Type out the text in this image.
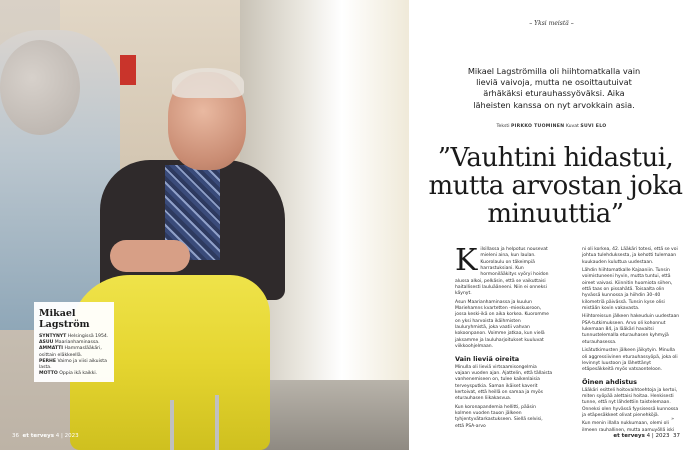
Mikael
Lagström
SYNTYNYT Helsingissä 1954.
ASUU Maarianhaminassa.
AMMATTI Hammaslääkäri, osittain eläkkeellä.
PERHE Vaimo ja viisi aikuista lasta.
MOTTO Oppia ikä kaikki.
36 et terveys 4 | 2023
– Yksi meistä –
Mikael Lagströmilla oli hiihtomatkalla vain lieviä vaivoja, mutta ne osoittautuivat ärhäkäksi eturauhassyöväksi. Aika läheisten kanssa on nyt arvokkain asia.
Teksti PIRKKO TUOMINEN Kuvat SUVI ELO
”Vauhtini hidastui, mutta arvostan joka minuuttia”
K ilsillassa ja helpotus nousevat mieleni aina, kun laulan. Kuorolaulu on täkeimpiä harrastuksiani. Kun hormonilääkitys vyöryi hoidon alussa alkoi, pelkäsin, että se vaikuttaisi haitallisesti lauluääneeni. Niin ei onneksi käynyt.

Asun Maarianhaminassa ja kuulun Mariehamns kvartetten -mieskuoroon, jossa keski-ikä on aika korkea. Kuoromme on yksi harvoista ikäihmisten lauluryhmistä, joka vaatii vahvan kokoonpanon. Voimme jatkaa, kun vielä jaksamme ja lauluharjoitukset kuuluvat viikkoohjelmaan.

Vain lieviä oireita

Minulla oli lieviä virtsaamisongelmia vajaan vuoden ajan. Ajattelin, että tällaista vanhenemiseen on, tulee kaikenlaisia terveysputkia. Saman ikäiset kaverit kertoivat, että heillä on samaa ja myös eturauhasen liikakasvua.

Kun koronapandemia hellitti, pääsin kolmen vuoden tauon jälkeen tyhjentyvätarkastukseen. Siellä selvisi, että PSA-arvo

ni oli korkea, 42. Lääkäri totesi, että se voi johtua tulehduksesta, ja kehotti tulemaan kuukauden kuluttua uudestaan.

Lähdin hiihtomatkalle Kajaaniin. Tunsin voimistuneeni hyvin, mutta tuntui, että oireet vaivasi. Kiinnitin huomiota siihen, että taas on pissahätä. Toisaalta olin hyvässä kunnossa ja hiihdin 30–40 kilometriä päivässä. Tunsin kyse olisi mistään kovin vakavasta.

Hiihtoreissun jälkeen hakeuduin uudestaan PSA-tutkimukseen. Arvo oli kohonnut lukemaan 84, ja lääkäri havaitsi tunnustelemalla eturauhasen kyhmyjä eturauhasessa.

Lisätutkimusten jälkeen jäikytyin. Minulla oli aggressiivinen eturauhassyöpä, joka oli levinnyt luustoon ja lähettänyt etäpesäkkeitä myös vatsaonteloon.

Öinen ahdistus

Lääkäri esitteli hoitovaihtoehtoja ja kertoi, miten syöpää alettaisi hoitaa. Henkisesti tunne, että nyt lähdettiin taistelemaan. Onneksi olen hyvässä fyysisessä kunnossa ja etäpesäkkeet olivat pienehköjä.

Kun menin illalla nukkumaan, olemi oli ilmeen rauhallinen, mutta aamuyöllä iski

»
et terveys 4 | 2023 37
